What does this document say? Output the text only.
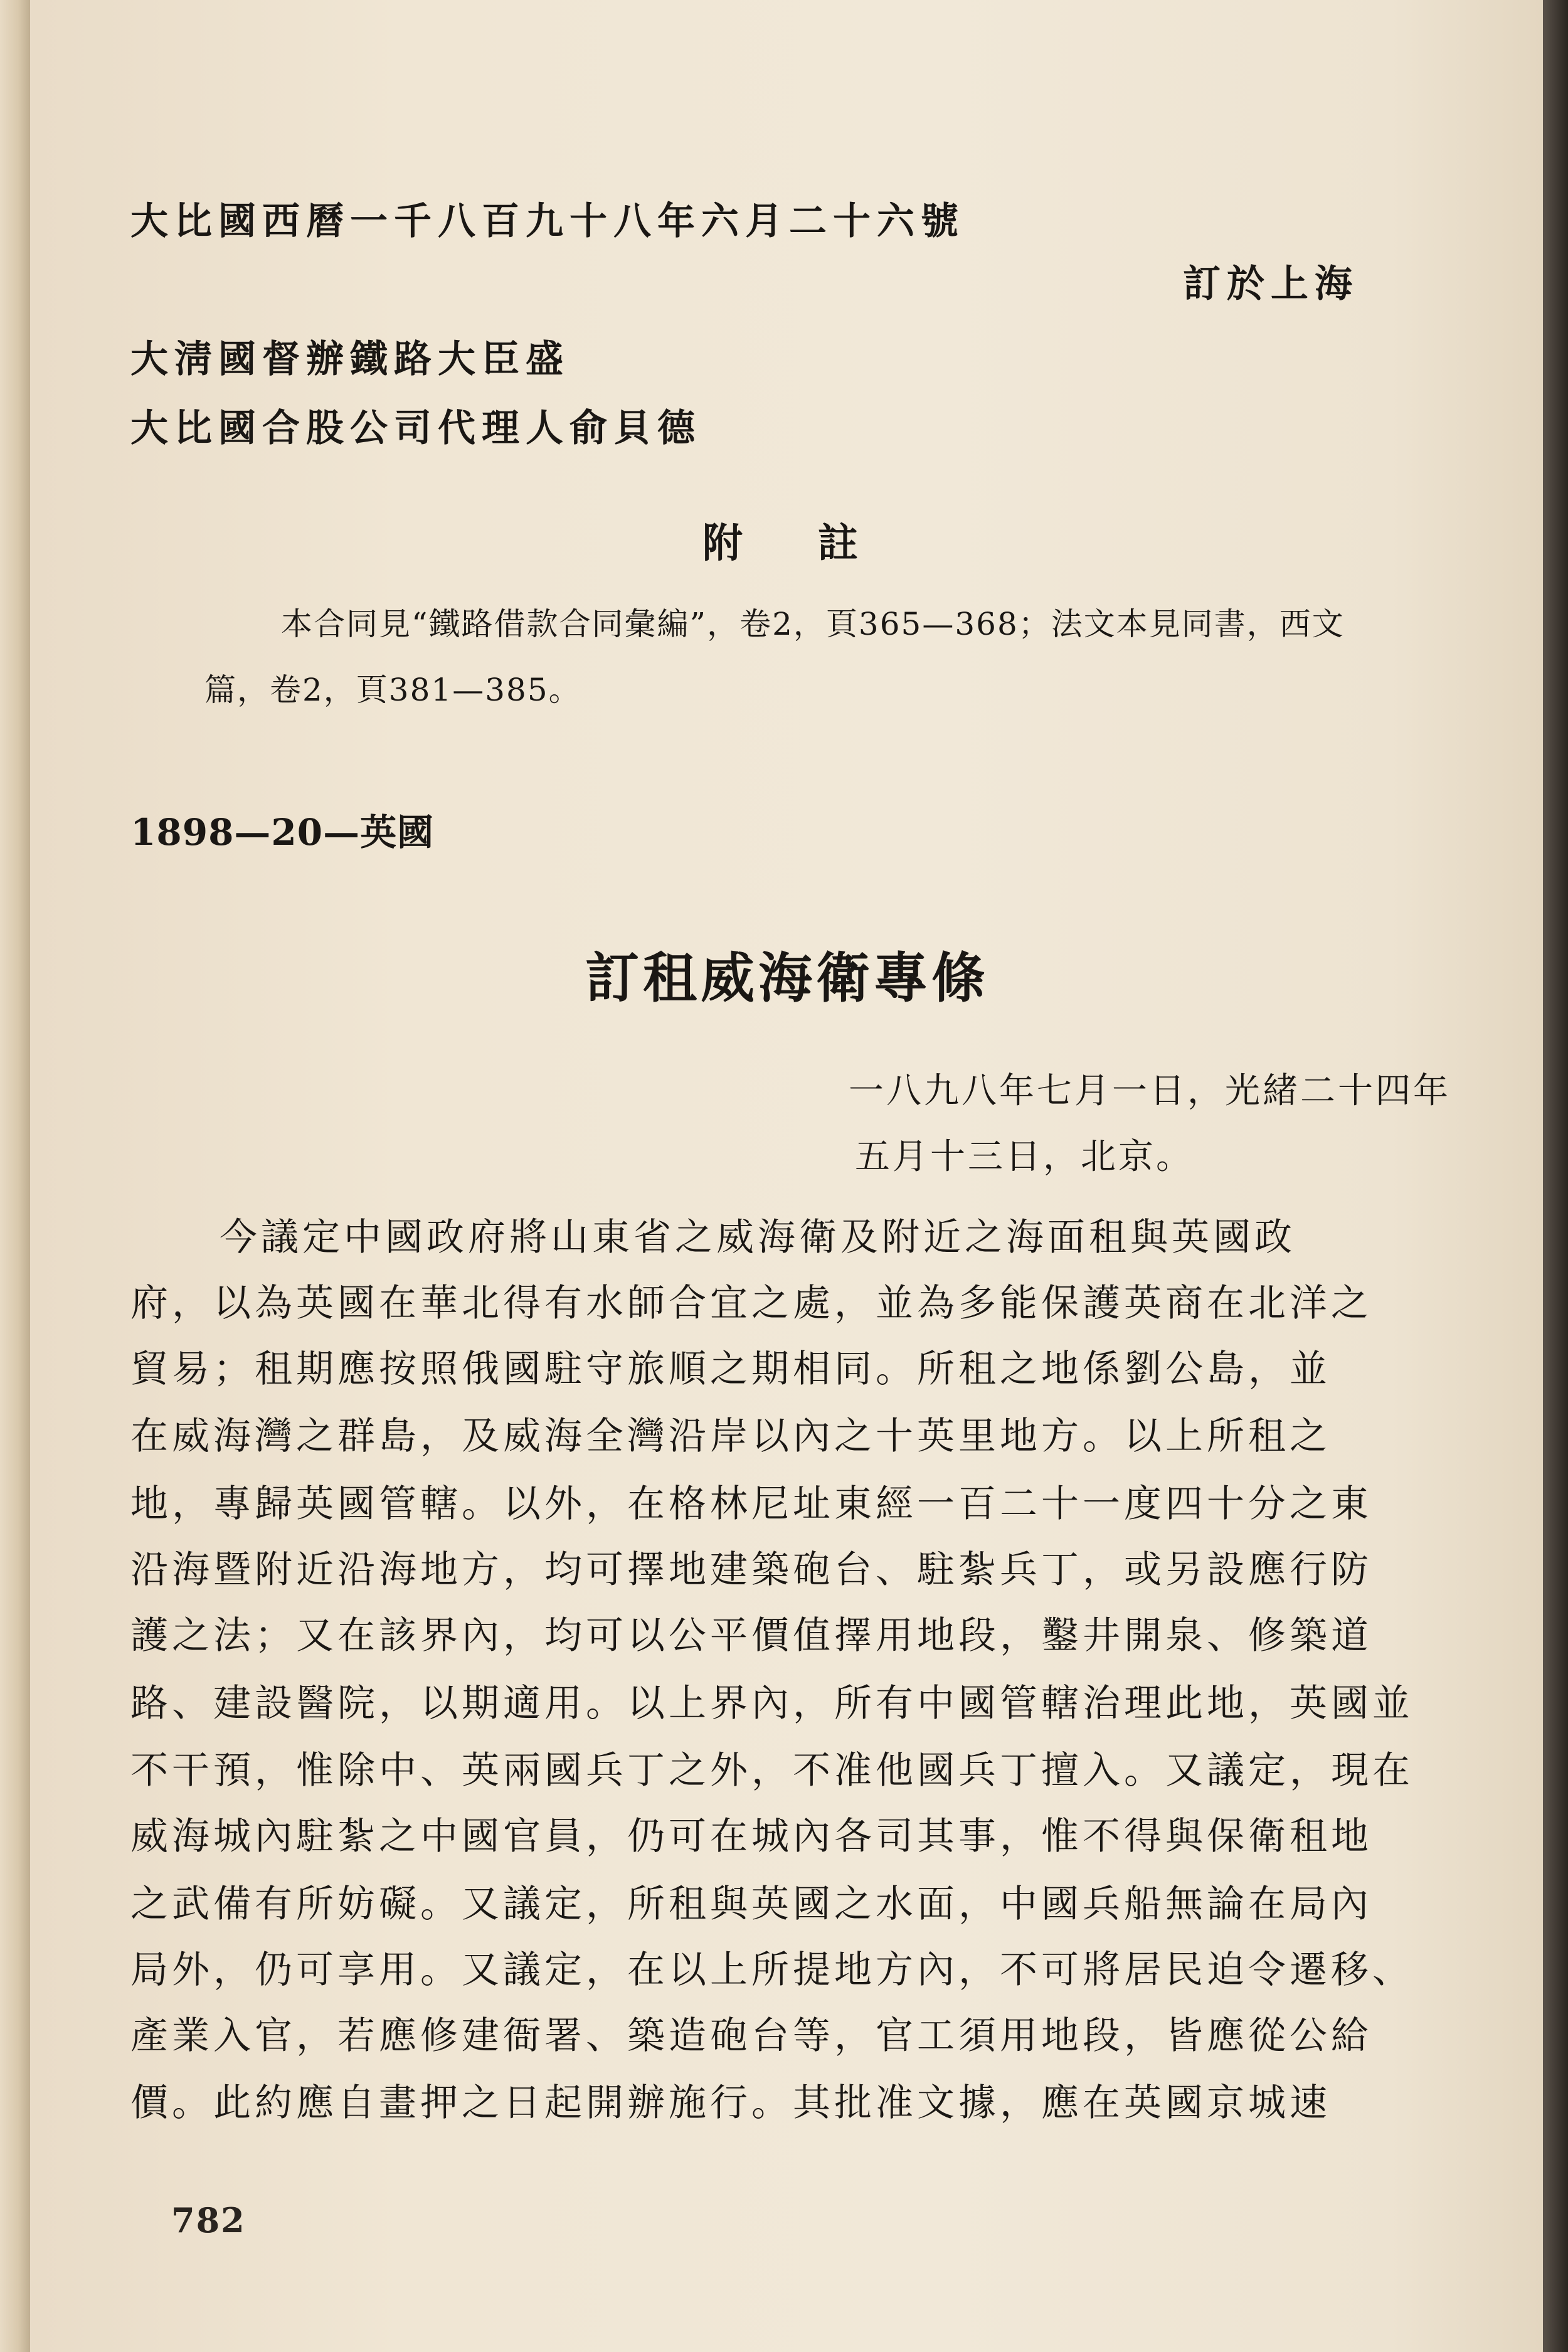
大比國西曆一千八百九十八年六月二十六號
訂於上海
大淸國督辦鐵路大臣盛
大比國合股公司代理人俞貝德
附註
本合同見“鐵路借款合同彙編”，卷2，頁365—368；法文本見同書，西文
篇，卷2，頁381—385。
1898—20—英國
訂租威海衛專條
一八九八年七月一日，光緒二十四年
五月十三日，北京。
今議定中國政府將山東省之威海衛及附近之海面租與英國政
府，以為英國在華北得有水師合宜之處，並為多能保護英商在北洋之
貿易；租期應按照俄國駐守旅順之期相同。所租之地係劉公島，並
在威海灣之群島，及威海全灣沿岸以內之十英里地方。以上所租之
地，專歸英國管轄。以外，在格林尼址東經一百二十一度四十分之東
沿海暨附近沿海地方，均可擇地建築砲台、駐紮兵丁，或另設應行防
護之法；又在該界內，均可以公平價值擇用地段，鑿井開泉、修築道
路、建設醫院，以期適用。以上界內，所有中國管轄治理此地，英國並
不干預，惟除中、英兩國兵丁之外，不准他國兵丁擅入。又議定，現在
威海城內駐紮之中國官員，仍可在城內各司其事，惟不得與保衛租地
之武備有所妨礙。又議定，所租與英國之水面，中國兵船無論在局內
局外，仍可享用。又議定，在以上所提地方內，不可將居民迫令遷移、
產業入官，若應修建衙署、築造砲台等，官工須用地段，皆應從公給
價。此約應自畫押之日起開辦施行。其批准文據，應在英國京城速
782
